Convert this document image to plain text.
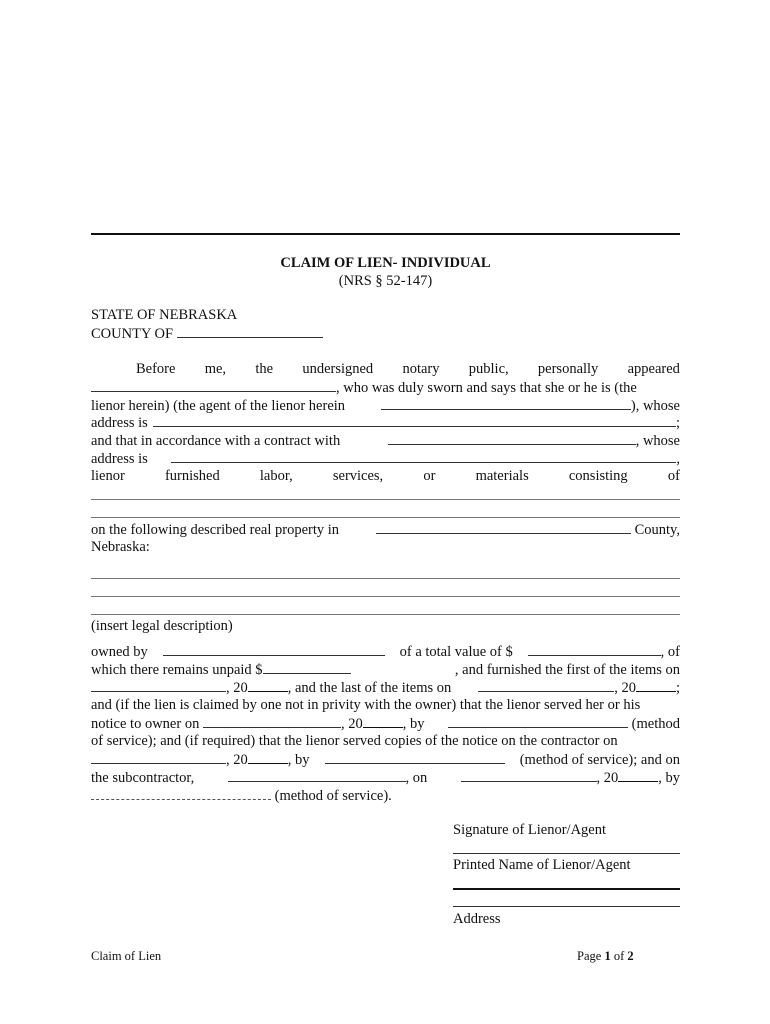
CLAIM OF LIEN- INDIVIDUAL
(NRS § 52-147)
STATE OF NEBRASKA
COUNTY OF
Before me, the undersigned notary public, personally appeared
, who was duly sworn and says that she or he is (the
lienor herein) (the agent of the lienor herein	), whose
address is	;
and that in accordance with a contract with	, whose
address is	,
lienor	furnished	labor,	services,	or	materials	consisting	of
on the following described real property in	County,
Nebraska:
(insert legal description)
owned by	of a total value of $	, of
which there remains unpaid $	, and furnished the first of the items on
, 20	, and the last of the items on	, 20	;
and (if the lien is claimed by one not in privity with the owner) that the lienor served her or his
notice to owner on	, 20	, by	(method
of service); and (if required) that the lienor served copies of the notice on the contractor on
, 20	, by	(method of service); and on
the subcontractor,	, on	, 20	, by
(method of service).
Signature of Lienor/Agent
Printed Name of Lienor/Agent
Address
Claim of Lien	Page 1 of 2
